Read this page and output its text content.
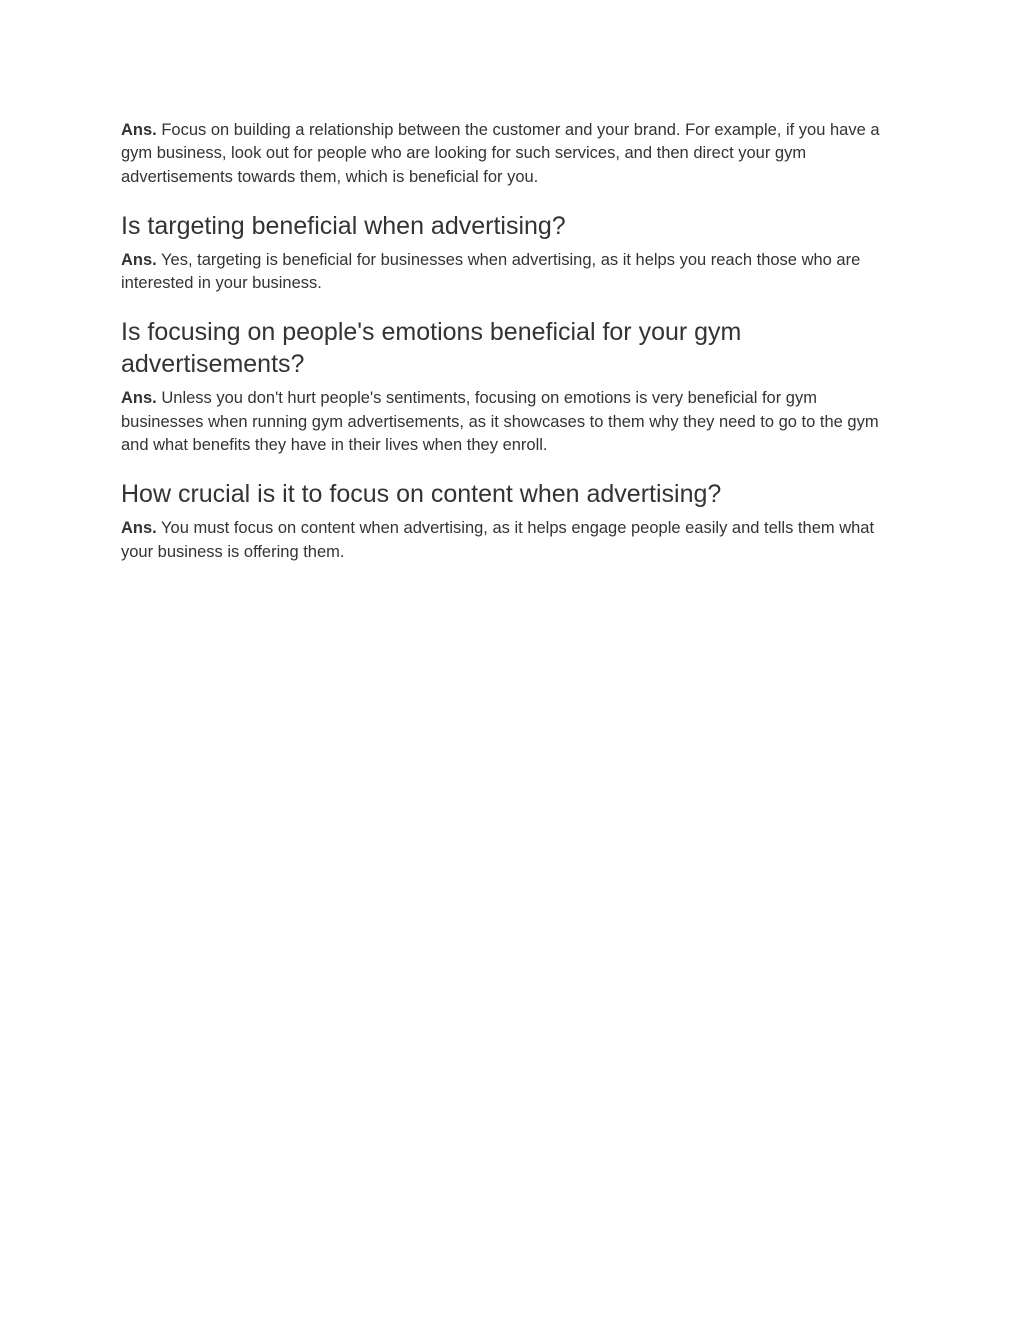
Ans. Focus on building a relationship between the customer and your brand. For example, if you have a gym business, look out for people who are looking for such services, and then direct your gym advertisements towards them, which is beneficial for you.

Is targeting beneficial when advertising?

Ans. Yes, targeting is beneficial for businesses when advertising, as it helps you reach those who are interested in your business.

Is focusing on people's emotions beneficial for your gym advertisements?

Ans. Unless you don't hurt people's sentiments, focusing on emotions is very beneficial for gym businesses when running gym advertisements, as it showcases to them why they need to go to the gym and what benefits they have in their lives when they enroll.

How crucial is it to focus on content when advertising?

Ans. You must focus on content when advertising, as it helps engage people easily and tells them what your business is offering them.
